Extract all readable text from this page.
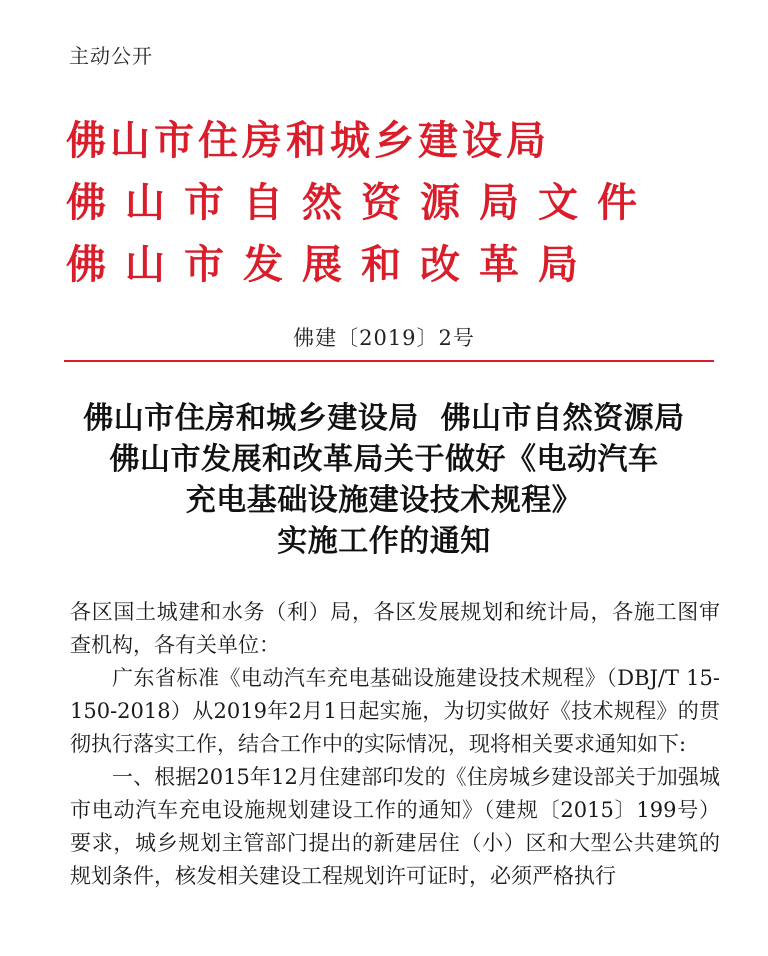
主动公开
佛山市住房和城乡建设局
佛山市自然资源局文件
佛山市发展和改革局
佛建〔2019〕2号
佛山市住房和城乡建设局  佛山市自然资源局
佛山市发展和改革局关于做好《电动汽车
充电基础设施建设技术规程》
实施工作的通知

各区国土城建和水务（利）局，各区发展规划和统计局，各施工图审查机构，各有关单位：

广东省标准《电动汽车充电基础设施建设技术规程》（DBJ/T 15-150-2018）从2019年2月1日起实施，为切实做好《技术规程》的贯彻执行落实工作，结合工作中的实际情况，现将相关要求通知如下:

一、根据2015年12月住建部印发的《住房城乡建设部关于加强城市电动汽车充电设施规划建设工作的通知》（建规〔2015〕199号）要求，城乡规划主管部门提出的新建居住（小）区和大型公共建筑的规划条件，核发相关建设工程规划许可证时，必须严格执行
